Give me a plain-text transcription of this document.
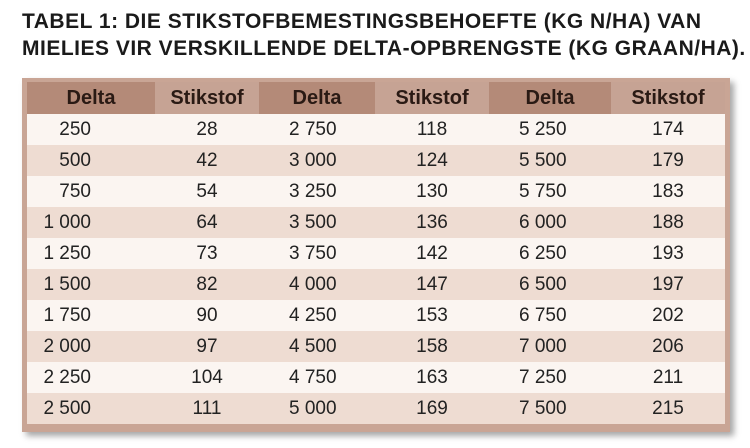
TABEL 1: DIE STIKSTOFBEMESTINGSBEHOEFTE (KG N/HA) VAN
MIELIES VIR VERSKILLENDE DELTA-OPBRENGSTE (KG GRAAN/HA).
Delta	Stikstof	Delta	Stikstof	Delta	Stikstof
250	28	2 750	118	5 250	174
500	42	3 000	124	5 500	179
750	54	3 250	130	5 750	183
1 000	64	3 500	136	6 000	188
1 250	73	3 750	142	6 250	193
1 500	82	4 000	147	6 500	197
1 750	90	4 250	153	6 750	202
2 000	97	4 500	158	7 000	206
2 250	104	4 750	163	7 250	211
2 500	111	5 000	169	7 500	215
